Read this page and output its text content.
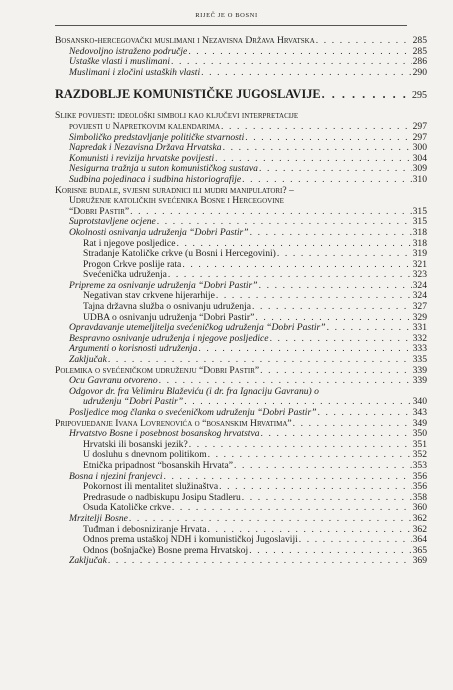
RIJEČ JE O BOSNI
Bosansko-hercegovački muslimani i Nezavisna Država Hrvatska . . .	285
Nedovoljno istraženo područje . . .	285
Ustaške vlasti i muslimani . . .	286
Muslimani i zločini ustaških vlasti . . .	290
RAZDOBLJE KOMUNISTIČKE JUGOSLAVIJE . . .	295
Slike povijesti: ideološki simboli kao ključevi interpretacije
povijesti u Napretkovim kalendarima . . .	297
Simboličko predstavljanje političke stvarnosti . . .	297
Napredak i Nezavisna Država Hrvatska . . .	300
Komunisti i revizija hrvatske povijesti . . .	304
Nesigurna tražnja u suton komunističkog sustava . . .	309
Sudbina pojedinaca i sudbina historiografije . . .	310
Korisne budale, svjesni suradnici ili mudri manipulatori? –
Udruženje katoličkih svećenika Bosne i Hercegovine
“Dobri Pastir” . . .	315
Suprotstavljene ocjene . . .	315
Okolnosti osnivanja udruženja “Dobri Pastir” . . .	318
Rat i njegove posljedice . . .	318
Stradanje Katoličke crkve (u Bosni i Hercegovini) . . .	319
Progon Crkve poslije rata . . .	321
Svećenička udruženja . . .	323
Pripreme za osnivanje udruženja “Dobri Pastir” . . .	324
Negativan stav crkvene hijerarhije . . .	324
Tajna državna služba o osnivanju udruženja . . .	327
UDBA o osnivanju udruženja “Dobri Pastir” . . .	329
Opravdavanje utemeljitelja svećeničkog udruženja “Dobri Pastir” . . .	331
Bespravno osnivanje udruženja i njegove posljedice . . .	332
Argumenti o korisnosti udruženja . . .	333
Zaključak . . .	335
Polemika o svećeničkom udruženju “Dobri Pastir” . . .	339
Ocu Gavranu otvoreno . . .	339
Odgovor dr. fra Velimiru Blaževiću (i dr. fra Ignaciju Gavranu) o
udruženju “Dobri Pastir” . . .	340
Posljedice mog članka o svećeničkom udruženju “Dobri Pastir” . . .	343
Pripovijedanje Ivana Lovrenovića o “bosanskim Hrvatima” . . .	349
Hrvatstvo Bosne i posebnost bosanskog hrvatstva . . .	350
Hrvatski ili bosanski jezik? . . .	351
U dosluhu s dnevnom politikom . . .	352
Etnička pripadnost “bosanskih Hrvata” . . .	353
Bosna i njezini franjevci . . .	356
Pokornost ili mentalitet služinaštva . . .	356
Predrasude o nadbiskupu Josipu Stadleru . . .	358
Osuda Katoličke crkve . . .	360
Mrzitelji Bosne . . .	362
Tuđman i debosniziranje Hrvata . . .	362
Odnos prema ustaškoj NDH i komunističkoj Jugoslaviji . . .	364
Odnos (bošnjačke) Bosne prema Hrvatskoj . . .	365
Zaključak . . .	369
